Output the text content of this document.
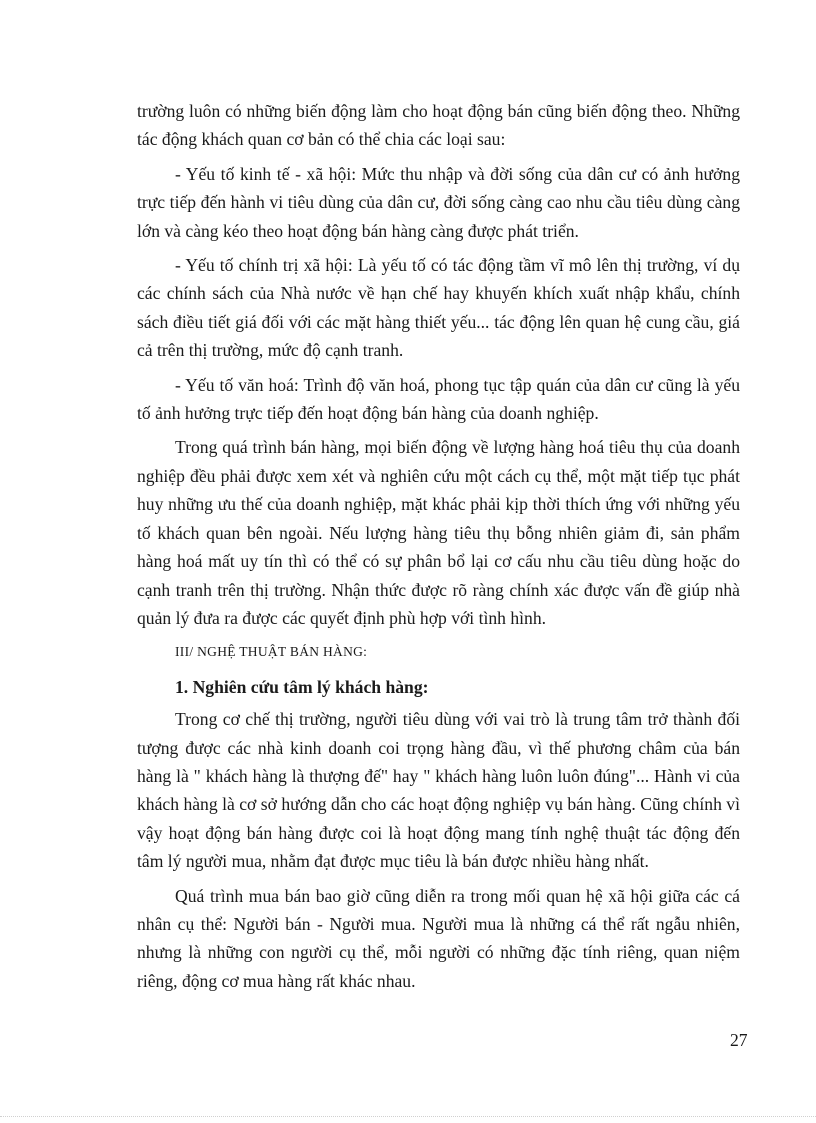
trường luôn có những biến động làm cho hoạt động bán cũng biến động theo. Những tác động khách quan cơ bản có thể chia các loại sau:

- Yếu tố kinh tế - xã hội: Mức thu nhập và đời sống của dân cư có ảnh hưởng trực tiếp đến hành vi tiêu dùng của dân cư, đời sống càng cao nhu cầu tiêu dùng càng lớn và càng kéo theo hoạt động bán hàng càng được phát triển.

- Yếu tố chính trị xã hội: Là yếu tố có tác động tầm vĩ mô lên thị trường, ví dụ các chính sách của Nhà nước về hạn chế hay khuyến khích xuất nhập khẩu, chính sách điều tiết giá đối với các mặt hàng thiết yếu... tác động lên quan hệ cung cầu, giá cả trên thị trường, mức độ cạnh tranh.

- Yếu tố văn hoá: Trình độ văn hoá, phong tục tập quán của dân cư cũng là yếu tố ảnh hưởng trực tiếp đến hoạt động bán hàng của doanh nghiệp.

Trong quá trình bán hàng, mọi biến động về lượng hàng hoá tiêu thụ của doanh nghiệp đều phải được xem xét và nghiên cứu một cách cụ thể, một mặt tiếp tục phát huy những ưu thế của doanh nghiệp, mặt khác phải kịp thời thích ứng với những yếu tố khách quan bên ngoài. Nếu lượng hàng tiêu thụ bỗng nhiên giảm đi, sản phẩm hàng hoá mất uy tín thì có thể có sự phân bổ lại cơ cấu nhu cầu tiêu dùng hoặc do cạnh tranh trên thị trường. Nhận thức được rõ ràng chính xác được vấn đề giúp nhà quản lý đưa ra được các quyết định phù hợp với tình hình.

III/ NGHỆ THUẬT BÁN HÀNG:

1. Nghiên cứu tâm lý khách hàng:

Trong cơ chế thị trường, người tiêu dùng với vai trò là trung tâm trở thành đối tượng được các nhà kinh doanh coi trọng hàng đầu, vì thế phương châm của bán hàng là " khách hàng là thượng đế" hay " khách hàng luôn luôn đúng"... Hành vi của khách hàng là cơ sở hướng dẫn cho các hoạt động nghiệp vụ bán hàng. Cũng chính vì vậy hoạt động bán hàng được coi là hoạt động mang tính nghệ thuật tác động đến tâm lý người mua, nhằm đạt được mục tiêu là bán được nhiều hàng nhất.

Quá trình mua bán bao giờ cũng diễn ra trong mối quan hệ xã hội giữa các cá nhân cụ thể: Người bán - Người mua. Người mua là những cá thể rất ngẫu nhiên, nhưng là những con người cụ thể, mỗi người có những đặc tính riêng, quan niệm riêng, động cơ mua hàng rất khác nhau.

27
